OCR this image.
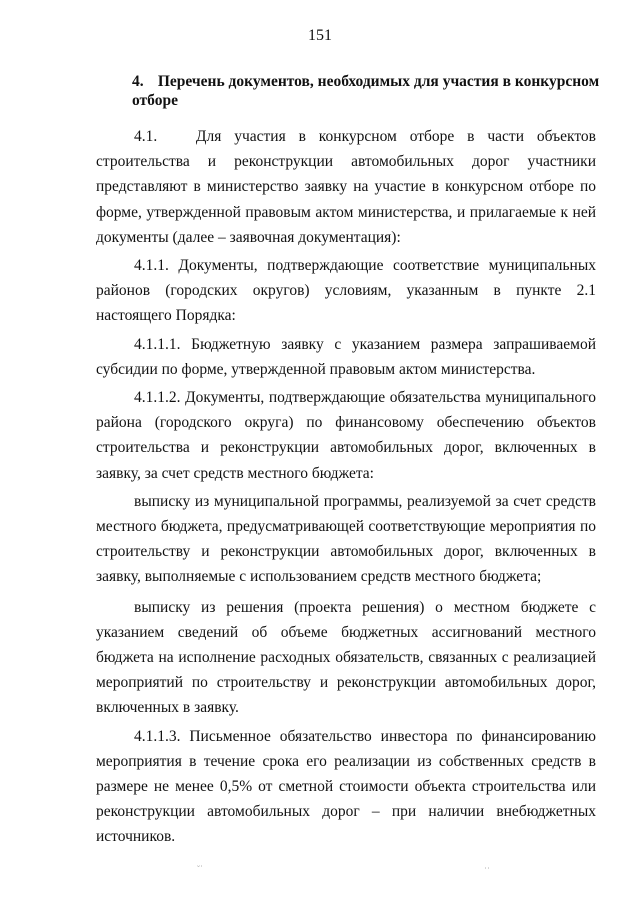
151
4. Перечень документов, необходимых для участия в конкурсном отборе

4.1.   Для участия в конкурсном отборе в части объектов строительства и реконструкции автомобильных дорог участники представляют в министерство заявку на участие в конкурсном отборе по форме, утвержденной правовым актом министерства, и прилагаемые к ней документы (далее – заявочная документация):

4.1.1. Документы, подтверждающие соответствие муниципальных районов (городских округов) условиям, указанным в пункте 2.1 настоящего Порядка:

4.1.1.1. Бюджетную заявку с указанием размера запрашиваемой субсидии по форме, утвержденной правовым актом министерства.

4.1.1.2. Документы, подтверждающие обязательства муниципального района (городского округа) по финансовому обеспечению объектов строительства и реконструкции автомобильных дорог, включенных в заявку, за счет средств местного бюджета:

выписку из муниципальной программы, реализуемой за счет средств местного бюджета, предусматривающей соответствующие мероприятия по строительству и реконструкции автомобильных дорог, включенных в заявку, выполняемые с использованием средств местного бюджета;

выписку из решения (проекта решения) о местном бюджете с указанием сведений об объеме бюджетных ассигнований местного бюджета на исполнение расходных обязательств, связанных с реализацией мероприятий по строительству и реконструкции автомобильных дорог, включенных в заявку.

4.1.1.3. Письменное обязательство инвестора по финансированию мероприятия в течение срока его реализации из собственных средств в размере не менее 0,5% от сметной стоимости объекта строительства или реконструкции автомобильных дорог – при наличии внебюджетных источников.

˘˙	˙˙
